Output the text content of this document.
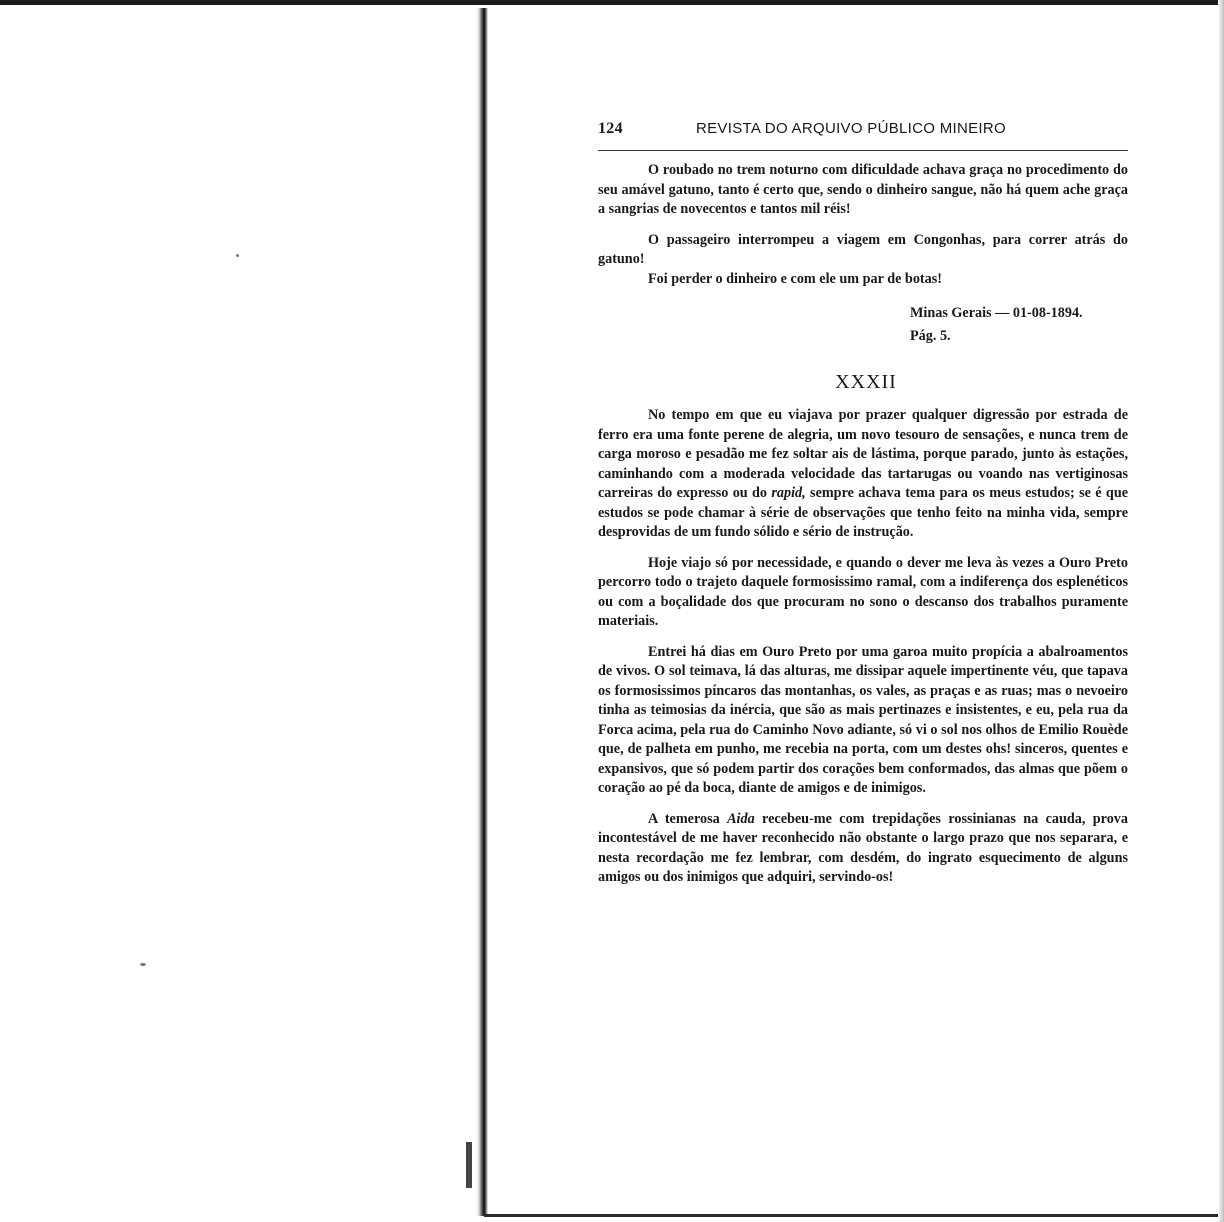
124	REVISTA DO ARQUIVO PÚBLICO MINEIRO

O roubado no trem noturno com dificuldade achava graça no procedimento do seu amável gatuno, tanto é certo que, sendo o dinheiro sangue, não há quem ache graça a sangrias de novecentos e tantos mil réis!

O passageiro interrompeu a viagem em Congonhas, para correr atrás do gatuno!

Foi perder o dinheiro e com ele um par de botas!

Minas Gerais — 01-08-1894.
Pág. 5.
XXXII

No tempo em que eu viajava por prazer qualquer digressão por estrada de ferro era uma fonte perene de alegria, um novo tesouro de sensações, e nunca trem de carga moroso e pesadão me fez soltar ais de lástima, porque parado, junto às estações, caminhando com a moderada velocidade das tartarugas ou voando nas vertiginosas carreiras do expresso ou do rapid, sempre achava tema para os meus estudos; se é que estudos se pode chamar à série de observações que tenho feito na minha vida, sempre desprovidas de um fundo sólido e sério de instrução.

Hoje viajo só por necessidade, e quando o dever me leva às vezes a Ouro Preto percorro todo o trajeto daquele formosissimo ramal, com a indiferença dos esplenéticos ou com a boçalidade dos que procuram no sono o descanso dos trabalhos puramente materiais.

Entrei há dias em Ouro Preto por uma garoa muito propícia a abalroamentos de vivos. O sol teimava, lá das alturas, me dissipar aquele impertinente véu, que tapava os formosissimos píncaros das montanhas, os vales, as praças e as ruas; mas o nevoeiro tinha as teimosias da inércia, que são as mais pertinazes e insistentes, e eu, pela rua da Forca acima, pela rua do Caminho Novo adiante, só vi o sol nos olhos de Emilio Rouède que, de palheta em punho, me recebia na porta, com um destes ohs! sinceros, quentes e expansivos, que só podem partir dos corações bem conformados, das almas que põem o coração ao pé da boca, diante de amigos e de inimigos.

A temerosa Aida recebeu-me com trepidações rossinianas na cauda, prova incontestável de me haver reconhecido não obstante o largo prazo que nos separara, e nesta recordação me fez lembrar, com desdém, do ingrato esquecimento de alguns amigos ou dos inimigos que adquiri, servindo-os!
